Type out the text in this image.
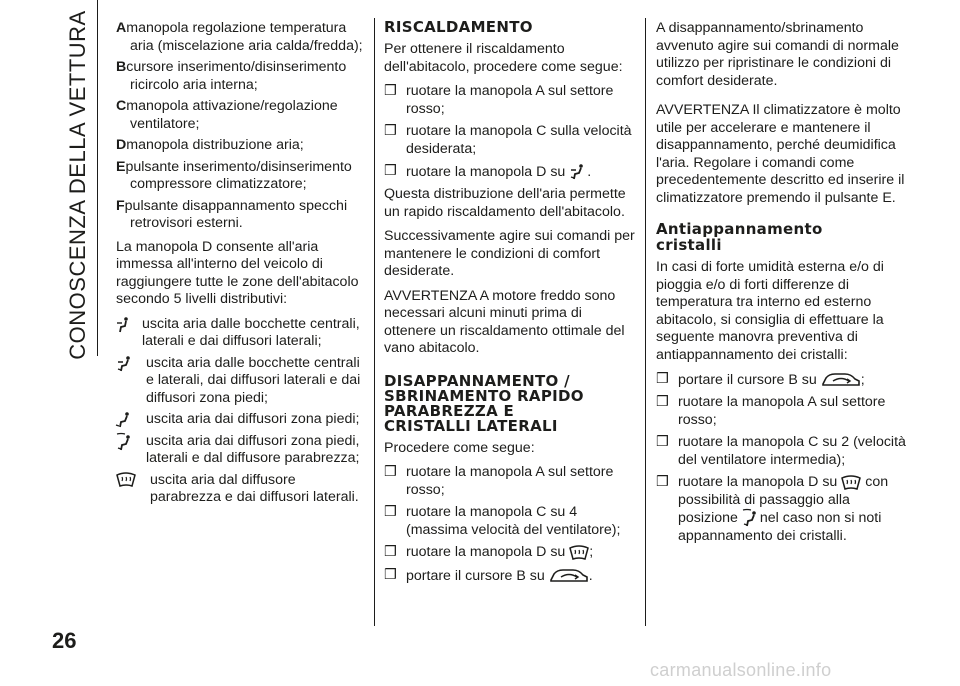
CONOSCENZA DELLA VETTURA
26
carmanualsonline.info
Amanopola regolazione temperatura
aria (miscelazione aria calda/fredda);
Bcursore inserimento/disinserimento
ricircolo aria interna;
Cmanopola attivazione/regolazione
ventilatore;
Dmanopola distribuzione aria;
Epulsante inserimento/disinserimento
compressore climatizzatore;
Fpulsante disappannamento specchi
retrovisori esterni.

La manopola D consente all'aria immessa all'interno del veicolo di raggiungere tutte le zone dell'abitacolo secondo 5 livelli distributivi:

uscita aria dalle bocchette centrali, laterali e dai diffusori laterali;
uscita aria dalle bocchette centrali e laterali, dai diffusori laterali e dai diffusori zona piedi;
uscita aria dai diffusori zona piedi;
uscita aria dai diffusori zona piedi, laterali e dal diffusore parabrezza;
uscita aria dal diffusore parabrezza e dai diffusori laterali.
RISCALDAMENTO

Per ottenere il riscaldamento dell'abitacolo, procedere come segue:

❒ ruotare la manopola A sul settore rosso;
❒ ruotare la manopola C sulla velocità desiderata;
❒ ruotare la manopola D su .

Questa distribuzione dell'aria permette un rapido riscaldamento dell'abitacolo.

Successivamente agire sui comandi per mantenere le condizioni di comfort desiderate.

AVVERTENZA A motore freddo sono necessari alcuni minuti prima di ottenere un riscaldamento ottimale del vano abitacolo.

DISAPPANNAMENTO /
SBRINAMENTO RAPIDO
PARABREZZA E
CRISTALLI LATERALI

Procedere come segue:

❒ ruotare la manopola A sul settore rosso;
❒ ruotare la manopola C su 4 (massima velocità del ventilatore);
❒ ruotare la manopola D su ;
❒ portare il cursore B su	.

A disappannamento/sbrinamento avvenuto agire sui comandi di normale utilizzo per ripristinare le condizioni di comfort desiderate.

AVVERTENZA Il climatizzatore è molto utile per accelerare e mantenere il disappannamento, perché deumidifica l'aria. Regolare i comandi come precedentemente descritto ed inserire il climatizzatore premendo il pulsante E.

Antiappannamento
cristalli

In casi di forte umidità esterna e/o di pioggia e/o di forti differenze di temperatura tra interno ed esterno abitacolo, si consiglia di effettuare la seguente manovra preventiva di antiappannamento dei cristalli:

❒ portare il cursore B su	;
❒ ruotare la manopola A sul settore rosso;
❒ ruotare la manopola C su 2 (velocità del ventilatore intermedia);
❒ ruotare la manopola D su con possibilità di passaggio alla posizione nel caso non si noti appannamento dei cristalli.
